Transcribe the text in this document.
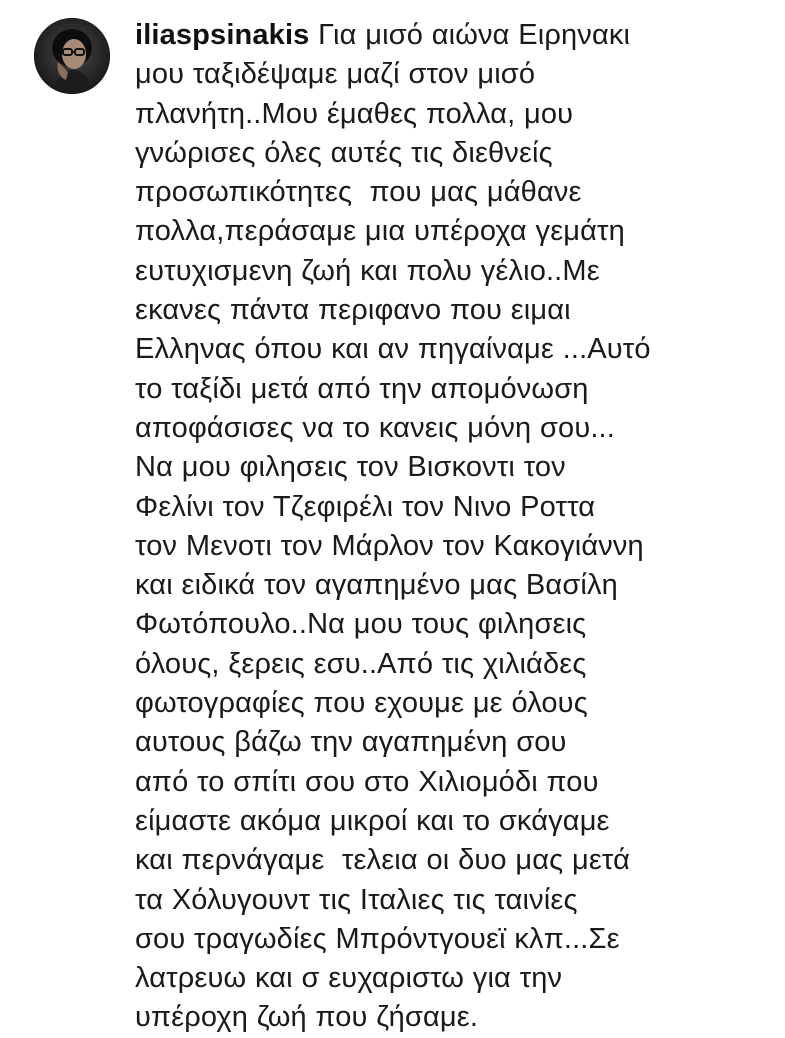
iliaspsinakis Για μισό αιώνα Ειρηνακι
μου ταξιδέψαμε μαζί στον μισό
πλανήτη..Μου έμαθες πολλα, μου
γνώρισες όλες αυτές τις διεθνείς
προσωπικότητες  που μας μάθανε
πολλα,περάσαμε μια υπέροχα γεμάτη
ευτυχισμενη ζωή και πολυ γέλιο..Με
εκανες πάντα περιφανο που ειμαι
Ελληνας όπου και αν πηγαίναμε ...Αυτό
το ταξίδι μετά από την απομόνωση
αποφάσισες να το κανεις μόνη σου...
Να μου φιλησεις τον Βισκοντι τον
Φελίνι τον Τζεφιρέλι τον Νινο Ροττα
τον Μενοτι τον Μάρλον τον Κακογιάννη
και ειδικά τον αγαπημένο μας Βασίλη
Φωτόπουλο..Να μου τους φιλησεις
όλους, ξερεις εσυ..Από τις χιλιάδες
φωτογραφίες που εχουμε με όλους
αυτους βάζω την αγαπημένη σου
από το σπίτι σου στο Χιλιομόδι που
είμαστε ακόμα μικροί και το σκάγαμε
και περνάγαμε  τελεια οι δυο μας μετά
τα Χόλυγουντ τις Ιταλιες τις ταινίες
σου τραγωδίες Μπρόντγουεϊ κλπ...Σε
λατρευω και σ ευχαριστω για την
υπέροχη ζωή που ζήσαμε.
